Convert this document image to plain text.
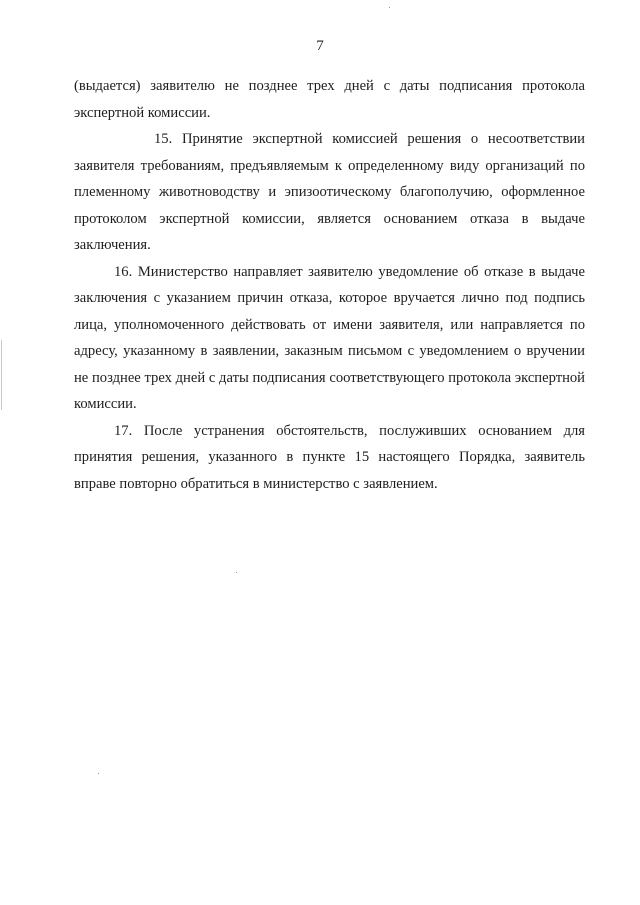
7

(выдается) заявителю не позднее трех дней с даты подписания протокола экспертной комиссии.

15. Принятие экспертной комиссией решения о несоответствии заявителя требованиям, предъявляемым к определенному виду организаций по племенному животноводству и эпизоотическому благополучию, оформленное протоколом экспертной комиссии, является основанием отказа в выдаче заключения.

16. Министерство направляет заявителю уведомление об отказе в выдаче заключения с указанием причин отказа, которое вручается лично под подпись лица, уполномоченного действовать от имени заявителя, или направляется по адресу, указанному в заявлении, заказным письмом с уведомлением о вручении не позднее трех дней с даты подписания соответствующего протокола экспертной комиссии.

17. После устранения обстоятельств, послуживших основанием для принятия решения, указанного в пункте 15 настоящего Порядка, заявитель вправе повторно обратиться в министерство с заявлением.
